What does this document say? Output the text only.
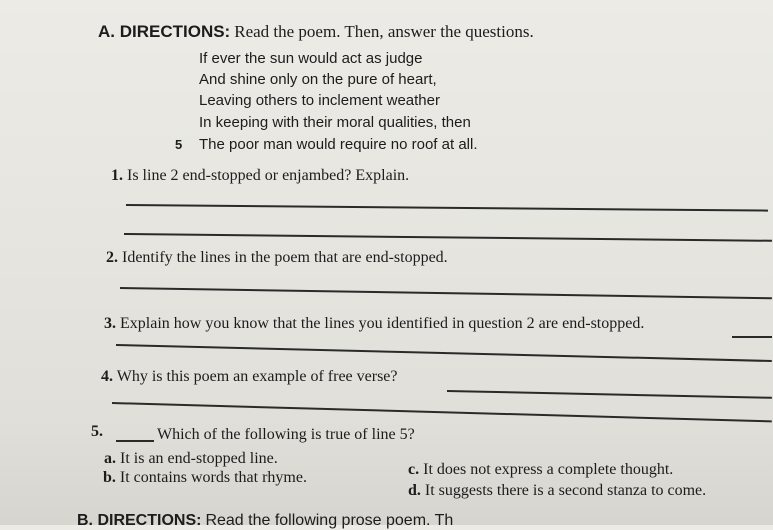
A. DIRECTIONS: Read the poem. Then, answer the questions.
If ever the sun would act as judge
And shine only on the pure of heart,
Leaving others to inclement weather
In keeping with their moral qualities, then
5 The poor man would require no roof at all.
1. Is line 2 end-stopped or enjambed? Explain.
2. Identify the lines in the poem that are end-stopped.
3. Explain how you know that the lines you identified in question 2 are end-stopped.
4. Why is this poem an example of free verse?
5.	Which of the following is true of line 5?
a. It is an end-stopped line.
b. It contains words that rhyme.	c. It does not express a complete thought.
d. It suggests there is a second stanza to come.
B. DIRECTIONS: Read the following prose poem. Th
